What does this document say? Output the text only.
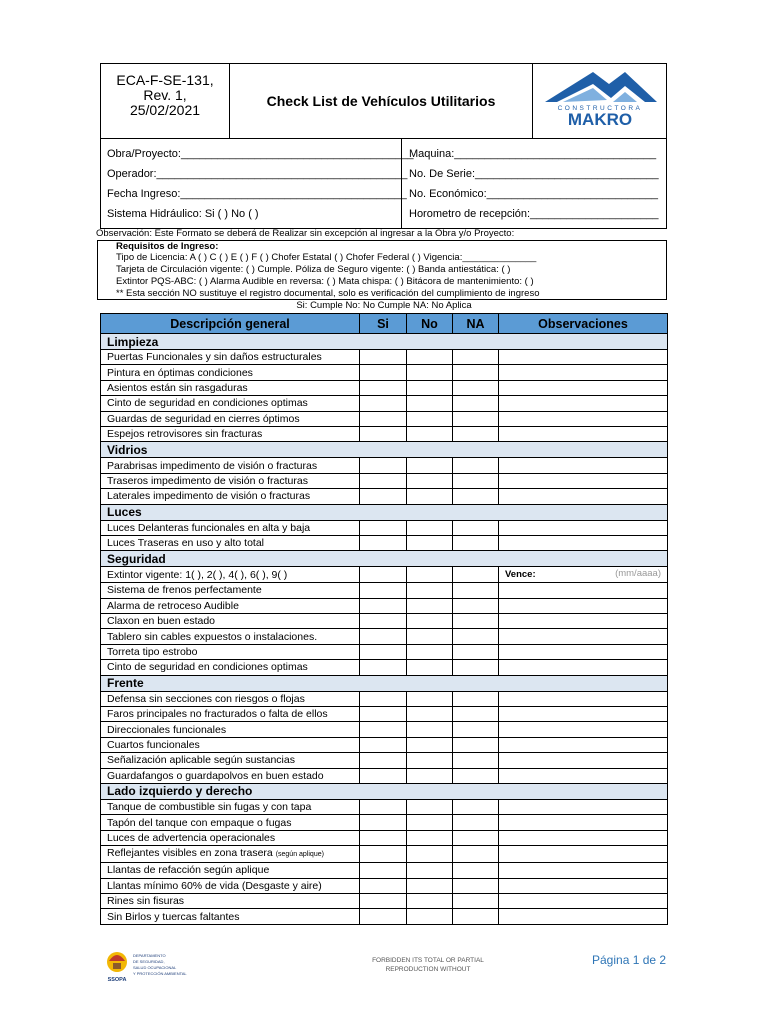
ECA-F-SE-131,
Rev. 1,
25/02/2021
Check List de Vehículos Utilitarios	CONSTRUCTORA
MAKRO
Obra/Proyecto:______________________________________
Operador:_________________________________________
Fecha Ingreso:_____________________________________
Sistema Hidráulico: Si ( ) No ( )
Maquina:_________________________________
No. De Serie:______________________________
No. Económico:____________________________
Horometro de recepción:_____________________
Observación: Este Formato se deberá de Realizar sin excepción al ingresar a la Obra y/o Proyecto:
Requisitos de Ingreso:
Tipo de Licencia: A ( ) C ( ) E ( ) F ( ) Chofer Estatal ( ) Chofer Federal ( ) Vigencia:______________
Tarjeta de Circulación vigente: ( ) Cumple. Póliza de Seguro vigente: ( ) Banda antiestática: ( )
Extintor PQS-ABC: ( ) Alarma Audible en reversa: ( ) Mata chispa: ( ) Bitácora de mantenimiento: ( )
** Esta sección NO sustituye el registro documental, solo es verificación del cumplimiento de ingreso
Si: Cumple No: No Cumple NA: No Aplica
Descripción general	Si	No	NA	Observaciones
Limpieza				
Puertas Funcionales y sin daños estructurales				
Pintura en óptimas condiciones				
Asientos están sin rasgaduras				
Cinto de seguridad en condiciones optimas				
Guardas de seguridad en cierres óptimos				
Espejos retrovisores sin fracturas				
Vidrios				
Parabrisas impedimento de visión o fracturas				
Traseros impedimento de visión o fracturas				
Laterales impedimento de visión o fracturas				
Luces				
Luces Delanteras funcionales en alta y baja				
Luces Traseras en uso y alto total				
Seguridad				
Extintor vigente: 1( ), 2( ), 4( ), 6( ), 9( )				Vence: (mm/aaaa)

Sistema de frenos perfectamente				
Alarma de retroceso Audible				
Claxon en buen estado				
Tablero sin cables expuestos o instalaciones.				
Torreta tipo estrobo				
Cinto de seguridad en condiciones optimas				
Frente				
Defensa sin secciones con riesgos o flojas				
Faros principales no fracturados o falta de ellos				
Direccionales funcionales				
Cuartos funcionales				
Señalización aplicable según sustancias				
Guardafangos o guardapolvos en buen estado				
Lado izquierdo y derecho				
Tanque de combustible sin fugas y con tapa				
Tapón del tanque con empaque o fugas				
Luces de advertencia operacionales				
Reflejantes visibles en zona trasera (según aplique)				
Llantas de refacción según aplique				
Llantas mínimo 60% de vida (Desgaste y aire)				
Rines sin fisuras				
Sin Birlos y tuercas faltantes				
SSOPA
DEPARTAMENTO
DE SEGURIDAD,
SALUD OCUPACIONAL
Y PROTECCIÓN AMBIENTAL
FORBIDDEN ITS TOTAL OR PARTIAL
REPRODUCTION WITHOUT
Página 1 de 2
